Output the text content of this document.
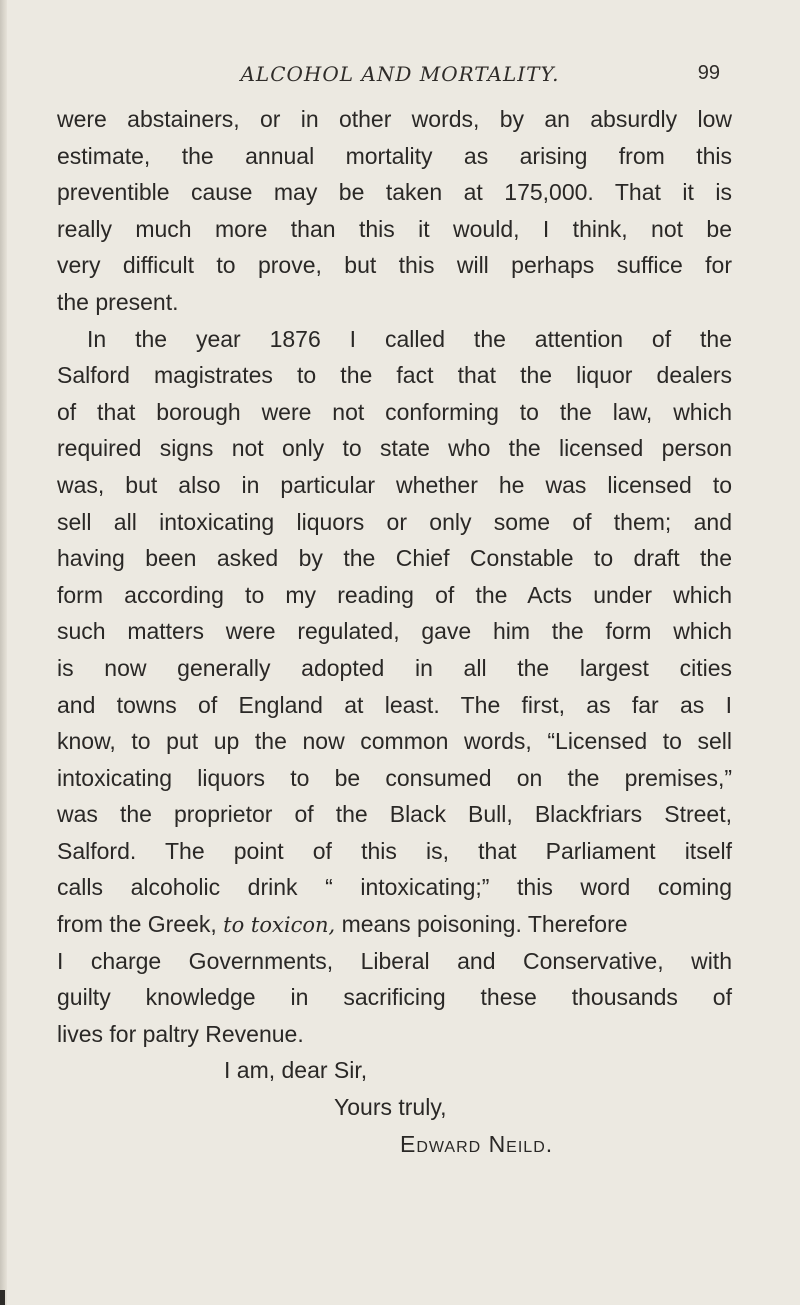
ALCOHOL AND MORTALITY.	99
were abstainers, or in other words, by an absurdly low
estimate, the annual mortality as arising from this
preventible cause may be taken at 175,000. That it is
really much more than this it would, I think, not be
very difficult to prove, but this will perhaps suffice for
the present.
In the year 1876 I called the attention of the
Salford magistrates to the fact that the liquor dealers
of that borough were not conforming to the law, which
required signs not only to state who the licensed person
was, but also in particular whether he was licensed to
sell all intoxicating liquors or only some of them; and
having been asked by the Chief Constable to draft the
form according to my reading of the Acts under which
such matters were regulated, gave him the form which
is now generally adopted in all the largest cities
and towns of England at least. The first, as far as I
know, to put up the now common words, “Licensed to sell
intoxicating liquors to be consumed on the premises,”
was the proprietor of the Black Bull, Blackfriars Street,
Salford. The point of this is, that Parliament itself
calls alcoholic drink “ intoxicating;” this word coming
from the Greek, to toxicon, means poisoning. Therefore
I charge Governments, Liberal and Conservative, with
guilty knowledge in sacrificing these thousands of
lives for paltry Revenue.
I am, dear Sir,
Yours truly,
Edward Neild.
